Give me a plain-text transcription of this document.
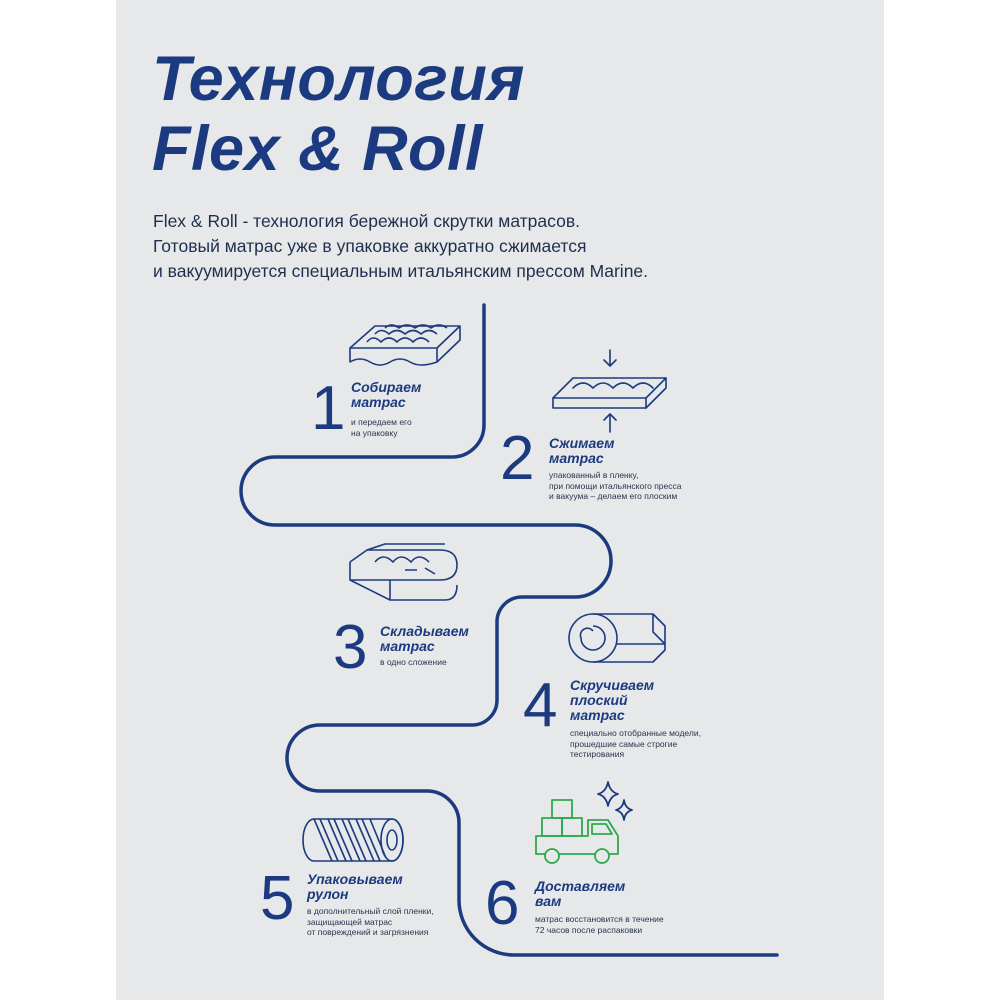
Технология
Flex & Roll

Flex & Roll - технология бережной скрутки матрасов.
Готовый матрас уже в упаковке аккуратно сжимается
и вакуумируется специальным итальянским прессом Marine.

1 Собираем
матрас
и передаем его
на упаковку 2 Сжимаем
матрас
упакованный в пленку,
при помощи итальянского пресса
и вакуума – делаем его плоским
3 Складываем
матрас
в одно сложение
4 Скручиваем
плоский
матрас
специально отобранные модели,
прошедшие самые строгие
тестирования
5 Упаковываем
рулон
в дополнительный слой пленки,
защищающей матрас
от повреждений и загрязнения 6 Доставляем
вам
матрас восстановится в течение
72 часов после распаковки
